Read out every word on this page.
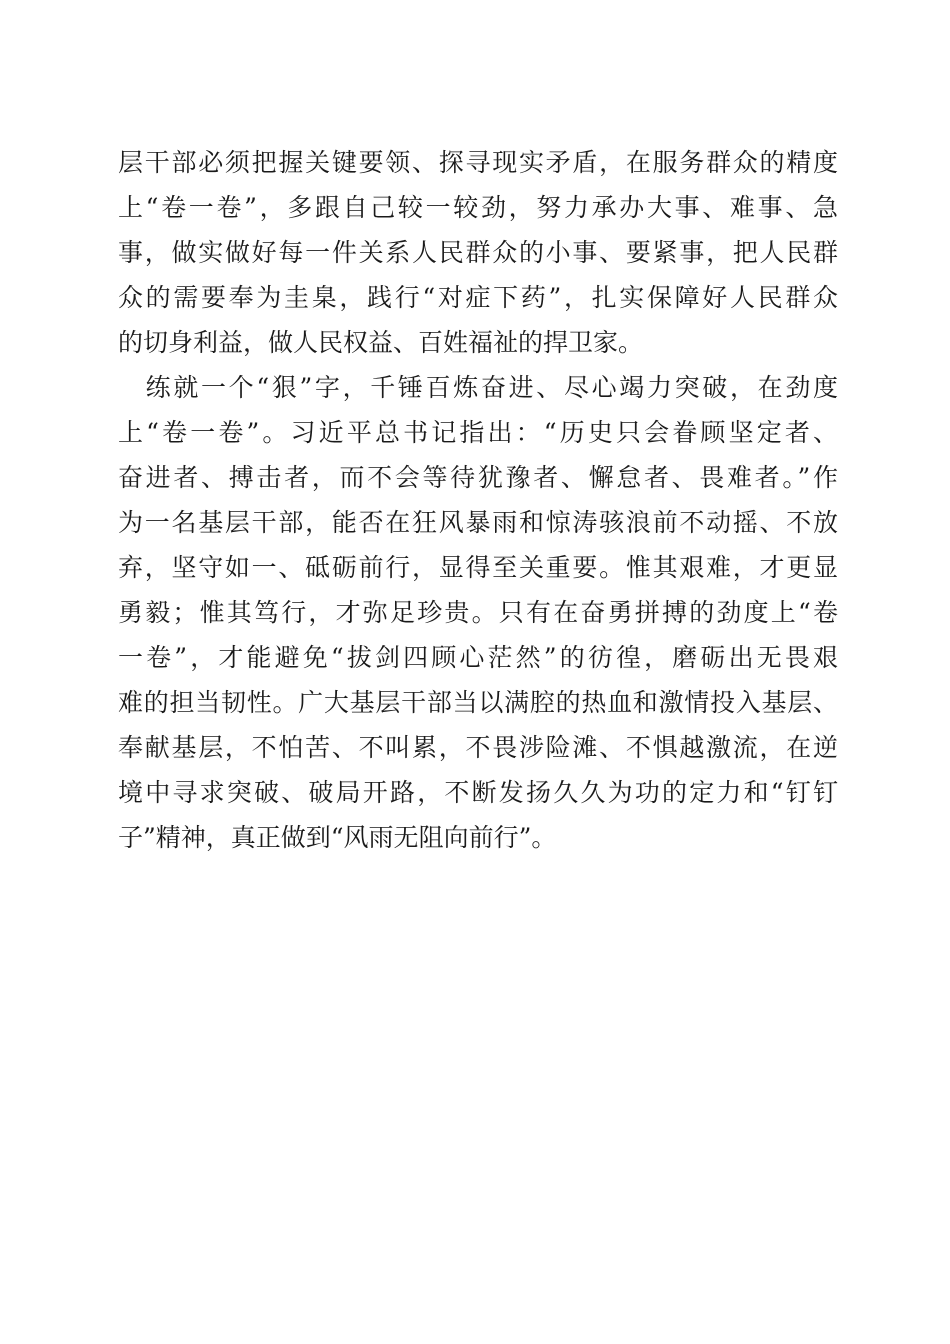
层干部必须把握关键要领、探寻现实矛盾，在服务群众的精度
上“卷一卷”，多跟自己较一较劲，努力承办大事、难事、急
事，做实做好每一件关系人民群众的小事、要紧事，把人民群
众的需要奉为圭臬，践行“对症下药”，扎实保障好人民群众
的切身利益，做人民权益、百姓福祉的捍卫家。
　练就一个“狠”字，千锤百炼奋进、尽心竭力突破，在劲度
上“卷一卷”。习近平总书记指出：“历史只会眷顾坚定者、
奋进者、搏击者，而不会等待犹豫者、懈怠者、畏难者。”作
为一名基层干部，能否在狂风暴雨和惊涛骇浪前不动摇、不放
弃，坚守如一、砥砺前行，显得至关重要。惟其艰难，才更显
勇毅；惟其笃行，才弥足珍贵。只有在奋勇拼搏的劲度上“卷
一卷”，才能避免“拔剑四顾心茫然”的彷徨，磨砺出无畏艰
难的担当韧性。广大基层干部当以满腔的热血和激情投入基层、
奉献基层，不怕苦、不叫累，不畏涉险滩、不惧越激流，在逆
境中寻求突破、破局开路，不断发扬久久为功的定力和“钉钉
子”精神，真正做到“风雨无阻向前行”。
